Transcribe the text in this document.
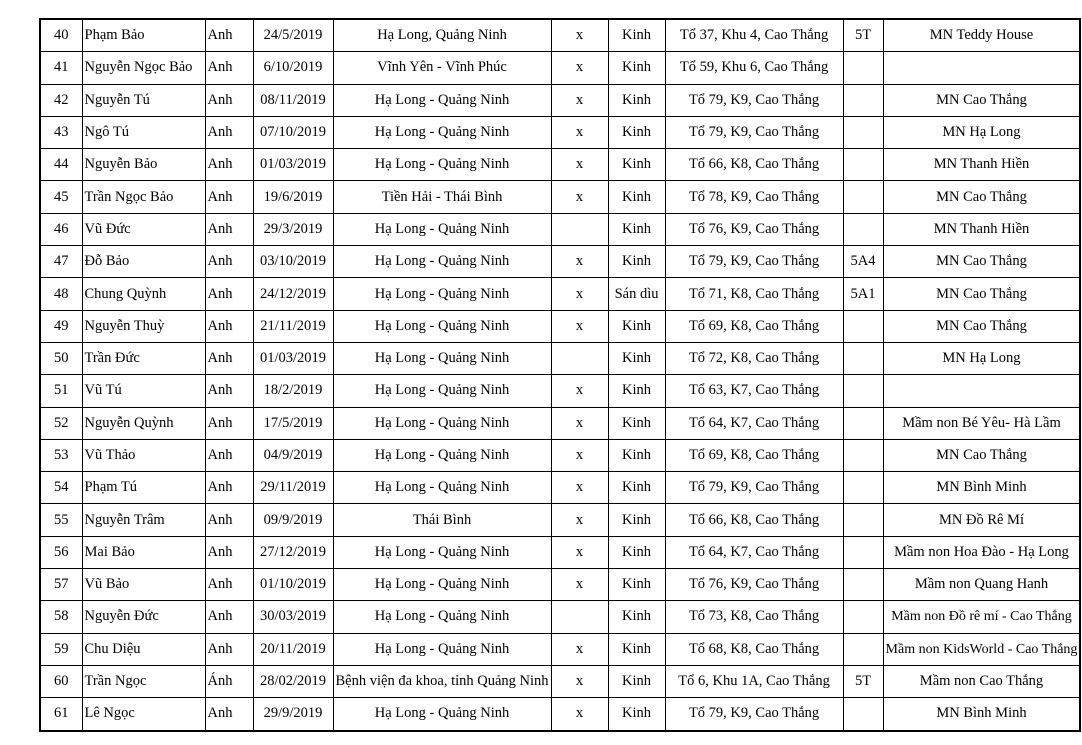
40	Phạm Bảo	Anh	24/5/2019	Hạ Long, Quảng Ninh	x	Kinh	Tổ 37, Khu 4, Cao Thắng	5T	MN Teddy House
41	Nguyễn Ngọc Bảo	Anh	6/10/2019	Vĩnh Yên - Vĩnh Phúc	x	Kinh	Tổ 59, Khu 6, Cao Thắng		
42	Nguyễn Tú	Anh	08/11/2019	Hạ Long - Quảng Ninh	x	Kinh	Tổ 79, K9, Cao Thắng		MN Cao Thắng
43	Ngô Tú	Anh	07/10/2019	Hạ Long - Quảng Ninh	x	Kinh	Tổ 79, K9, Cao Thắng		MN Hạ Long
44	Nguyễn Bảo	Anh	01/03/2019	Hạ Long - Quảng Ninh	x	Kinh	Tổ 66, K8, Cao Thắng		MN Thanh Hiền
45	Trần Ngọc Bảo	Anh	19/6/2019	Tiền Hải - Thái Bình	x	Kinh	Tổ 78, K9, Cao Thắng		MN Cao Thắng
46	Vũ Đức	Anh	29/3/2019	Hạ Long - Quảng Ninh		Kinh	Tổ 76, K9, Cao Thắng		MN Thanh Hiền
47	Đỗ Bảo	Anh	03/10/2019	Hạ Long - Quảng Ninh	x	Kinh	Tổ 79, K9, Cao Thắng	5A4	MN Cao Thắng
48	Chung Quỳnh	Anh	24/12/2019	Hạ Long - Quảng Ninh	x	Sán dìu	Tổ 71, K8, Cao Thắng	5A1	MN Cao Thắng
49	Nguyễn Thuỳ	Anh	21/11/2019	Hạ Long - Quảng Ninh	x	Kinh	Tổ 69, K8, Cao Thắng		MN Cao Thắng
50	Trần Đức	Anh	01/03/2019	Hạ Long - Quảng Ninh		Kinh	Tổ 72, K8, Cao Thắng		MN Hạ Long
51	Vũ Tú	Anh	18/2/2019	Hạ Long - Quảng Ninh	x	Kinh	Tổ 63, K7, Cao Thắng		
52	Nguyễn Quỳnh	Anh	17/5/2019	Hạ Long - Quảng Ninh	x	Kinh	Tổ 64, K7, Cao Thắng		Mầm non Bé Yêu- Hà Lầm
53	Vũ Thảo	Anh	04/9/2019	Hạ Long - Quảng Ninh	x	Kinh	Tổ 69, K8, Cao Thắng		MN Cao Thắng
54	Phạm Tú	Anh	29/11/2019	Hạ Long - Quảng Ninh	x	Kinh	Tổ 79, K9, Cao Thắng		MN Bình Minh
55	Nguyễn Trâm	Anh	09/9/2019	Thái Bình	x	Kinh	Tổ 66, K8, Cao Thắng		MN Đồ Rê Mí
56	Mai Bảo	Anh	27/12/2019	Hạ Long - Quảng Ninh	x	Kinh	Tổ 64, K7, Cao Thắng		Mầm non Hoa Đào - Hạ Long
57	Vũ Bảo	Anh	01/10/2019	Hạ Long - Quảng Ninh	x	Kinh	Tổ 76, K9, Cao Thắng		Mầm non Quang Hanh
58	Nguyễn Đức	Anh	30/03/2019	Hạ Long - Quảng Ninh		Kinh	Tổ 73, K8, Cao Thắng		Mầm non Đồ rê mí - Cao Thắng
59	Chu Diệu	Anh	20/11/2019	Hạ Long - Quảng Ninh	x	Kinh	Tổ 68, K8, Cao Thắng		Mầm non KidsWorld - Cao Thắng
60	Trần Ngọc	Ánh	28/02/2019	Bệnh viện đa khoa, tỉnh Quảng Ninh	x	Kinh	Tổ 6, Khu 1A, Cao Thắng	5T	Mầm non Cao Thắng
61	Lê Ngọc	Anh	29/9/2019	Hạ Long - Quảng Ninh	x	Kinh	Tổ 79, K9, Cao Thắng		MN Bình Minh
